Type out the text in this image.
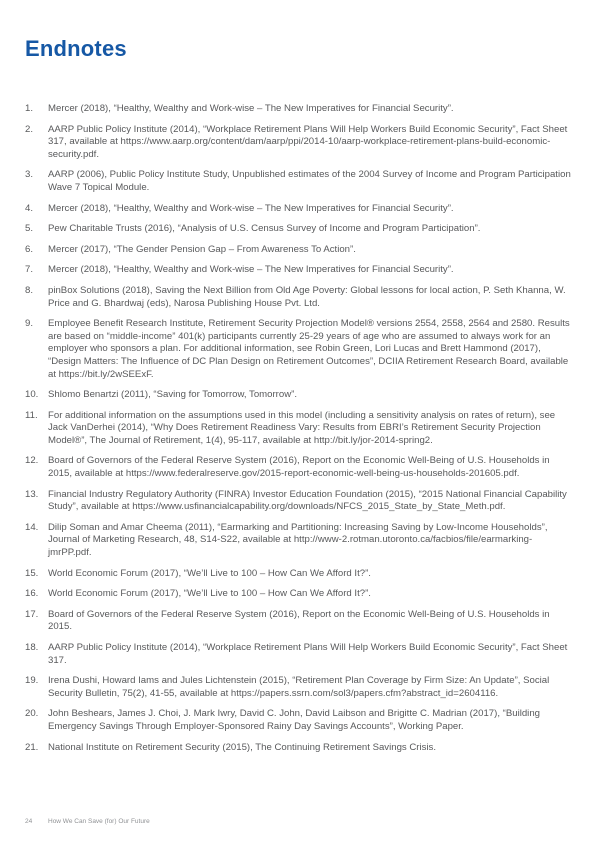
Endnotes
1.	Mercer (2018), “Healthy, Wealthy and Work-wise – The New Imperatives for Financial Security”.
2.	AARP Public Policy Institute (2014), “Workplace Retirement Plans Will Help Workers Build Economic Security”, Fact Sheet 317, available at https://www.aarp.org/content/dam/aarp/ppi/2014-10/aarp-workplace-retirement-plans-build-economic-security.pdf.
3.	AARP (2006), Public Policy Institute Study, Unpublished estimates of the 2004 Survey of Income and Program Participation Wave 7 Topical Module.
4.	Mercer (2018), “Healthy, Wealthy and Work-wise – The New Imperatives for Financial Security”.
5.	Pew Charitable Trusts (2016), “Analysis of U.S. Census Survey of Income and Program Participation”.
6.	Mercer (2017), “The Gender Pension Gap – From Awareness To Action”.
7.	Mercer (2018), “Healthy, Wealthy and Work-wise – The New Imperatives for Financial Security”.
8.	pinBox Solutions (2018), Saving the Next Billion from Old Age Poverty: Global lessons for local action, P. Seth Khanna, W. Price and G. Bhardwaj (eds), Narosa Publishing House Pvt. Ltd.
9.	Employee Benefit Research Institute, Retirement Security Projection Model® versions 2554, 2558, 2564 and 2580. Results are based on “middle-income” 401(k) participants currently 25-29 years of age who are assumed to always work for an employer who sponsors a plan. For additional information, see Robin Green, Lori Lucas and Brett Hammond (2017), “Design Matters: The Influence of DC Plan Design on Retirement Outcomes”, DCIIA Retirement Research Board, available at https://bit.ly/2wSEExF.
10.	Shlomo Benartzi (2011), “Saving for Tomorrow, Tomorrow”.
11.	For additional information on the assumptions used in this model (including a sensitivity analysis on rates of return), see Jack VanDerhei (2014), “Why Does Retirement Readiness Vary: Results from EBRI’s Retirement Security Projection Model®”, The Journal of Retirement, 1(4), 95-117, available at http://bit.ly/jor-2014-spring2.
12.	Board of Governors of the Federal Reserve System (2016), Report on the Economic Well-Being of U.S. Households in 2015, available at https://www.federalreserve.gov/2015-report-economic-well-being-us-households-201605.pdf.
13.	Financial Industry Regulatory Authority (FINRA) Investor Education Foundation (2015), “2015 National Financial Capability Study”, available at https://www.usfinancialcapability.org/downloads/NFCS_2015_State_by_State_Meth.pdf.
14.	Dilip Soman and Amar Cheema (2011), “Earmarking and Partitioning: Increasing Saving by Low-Income Households”, Journal of Marketing Research, 48, S14-S22, available at http://www-2.rotman.utoronto.ca/facbios/file/earmarking-jmrPP.pdf.
15.	World Economic Forum (2017), “We’ll Live to 100 – How Can We Afford It?”.
16.	World Economic Forum (2017), “We’ll Live to 100 – How Can We Afford It?”.
17.	Board of Governors of the Federal Reserve System (2016), Report on the Economic Well-Being of U.S. Households in 2015.
18.	AARP Public Policy Institute (2014), “Workplace Retirement Plans Will Help Workers Build Economic Security”, Fact Sheet 317.
19.	Irena Dushi, Howard Iams and Jules Lichtenstein (2015), “Retirement Plan Coverage by Firm Size: An Update”, Social Security Bulletin, 75(2), 41-55, available at https://papers.ssrn.com/sol3/papers.cfm?abstract_id=2604116.
20.	John Beshears, James J. Choi, J. Mark Iwry, David C. John, David Laibson and Brigitte C. Madrian (2017), “Building Emergency Savings Through Employer-Sponsored Rainy Day Savings Accounts”, Working Paper.
21.	National Institute on Retirement Security (2015), The Continuing Retirement Savings Crisis.
24	How We Can Save (for) Our Future
